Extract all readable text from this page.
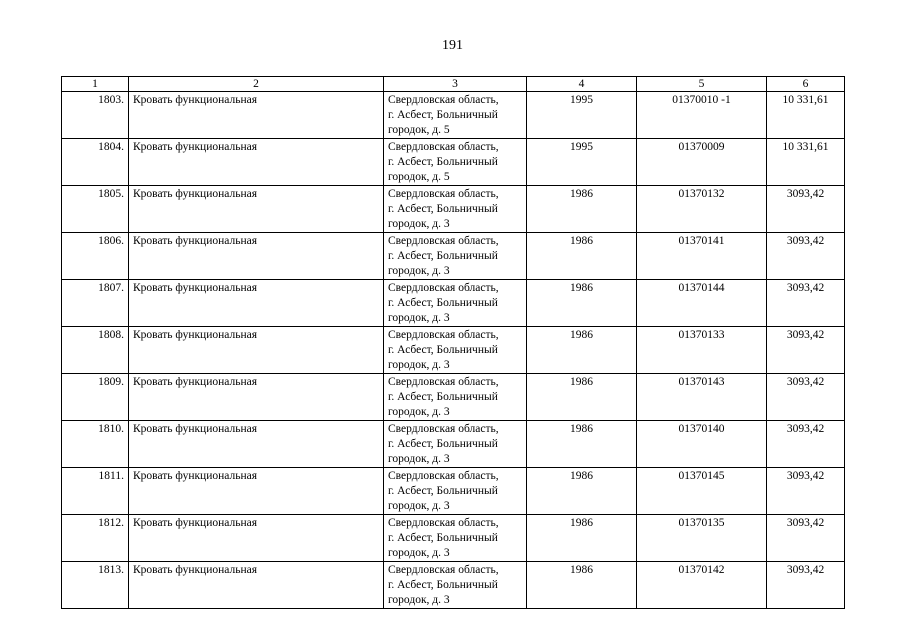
191
1	2	3	4	5	6
1803.	Кровать функциональная	Свердловская область,
г. Асбест, Больничный
городок, д. 5	1995	01370010 -1	10 331,61
1804.	Кровать функциональная	Свердловская область,
г. Асбест, Больничный
городок, д. 5	1995	01370009	10 331,61
1805.	Кровать функциональная	Свердловская область,
г. Асбест, Больничный
городок, д. 3	1986	01370132	3093,42
1806.	Кровать функциональная	Свердловская область,
г. Асбест, Больничный
городок, д. 3	1986	01370141	3093,42
1807.	Кровать функциональная	Свердловская область,
г. Асбест, Больничный
городок, д. 3	1986	01370144	3093,42
1808.	Кровать функциональная	Свердловская область,
г. Асбест, Больничный
городок, д. 3	1986	01370133	3093,42
1809.	Кровать функциональная	Свердловская область,
г. Асбест, Больничный
городок, д. 3	1986	01370143	3093,42
1810.	Кровать функциональная	Свердловская область,
г. Асбест, Больничный
городок, д. 3	1986	01370140	3093,42
1811.	Кровать функциональная	Свердловская область,
г. Асбест, Больничный
городок, д. 3	1986	01370145	3093,42
1812.	Кровать функциональная	Свердловская область,
г. Асбест, Больничный
городок, д. 3	1986	01370135	3093,42
1813.	Кровать функциональная	Свердловская область,
г. Асбест, Больничный
городок, д. 3	1986	01370142	3093,42
